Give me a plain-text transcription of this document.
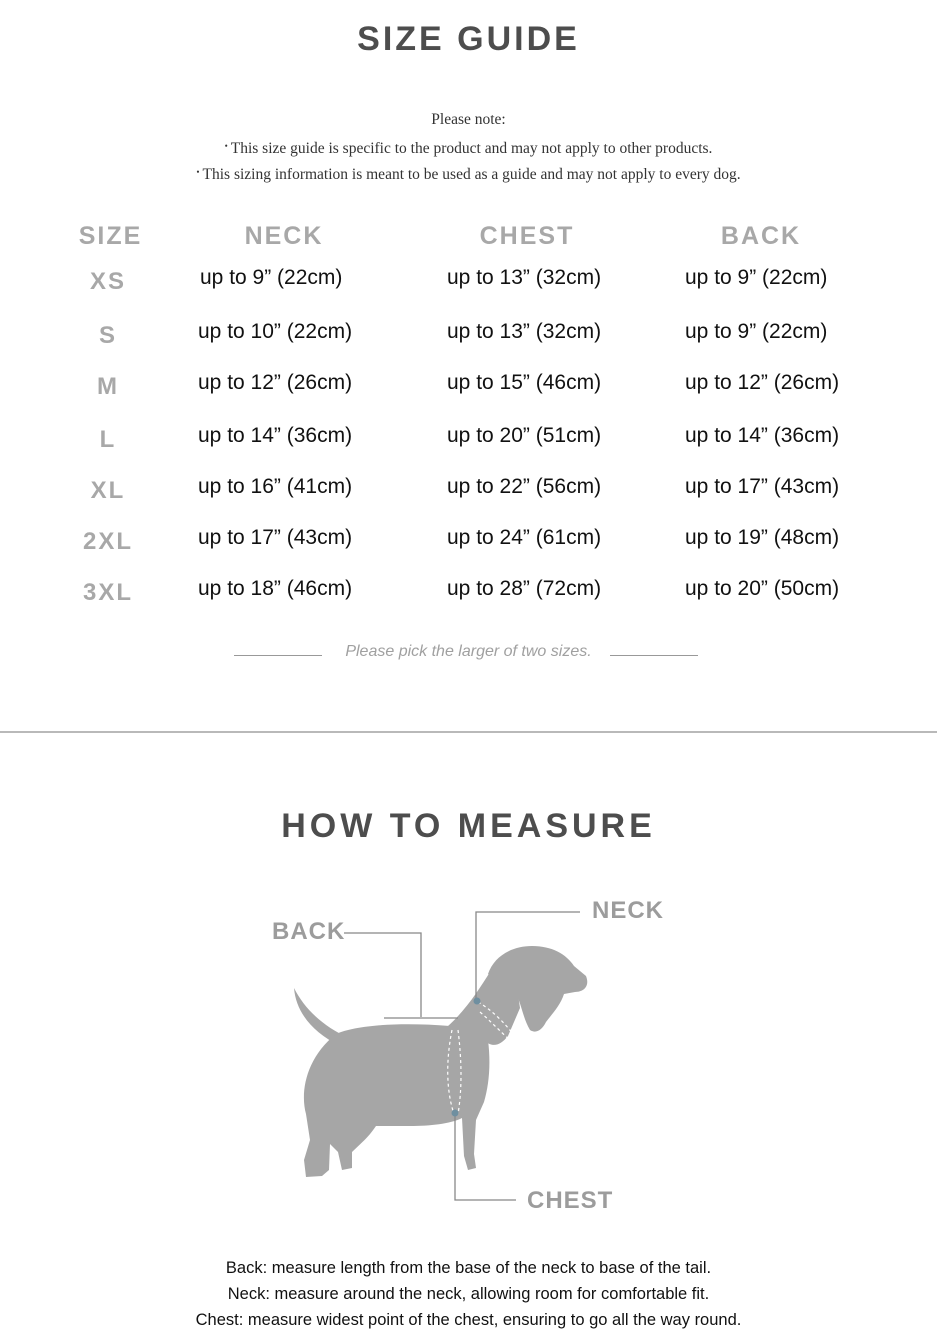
SIZE GUIDE
Please note:
• This size guide is specific to the product and may not apply to other products.
• This sizing information is meant to be used as a guide and may not apply to every dog.
SIZE	NECK	CHEST	BACK
XS	up to 9” (22cm)	up to 13” (32cm)	up to 9” (22cm)
S	up to 10” (22cm)	up to 13” (32cm)	up to 9” (22cm)
M	up to 12” (26cm)	up to 15” (46cm)	up to 12” (26cm)
L	up to 14” (36cm)	up to 20” (51cm)	up to 14” (36cm)
XL	up to 16” (41cm)	up to 22” (56cm)	up to 17” (43cm)
2XL	up to 17” (43cm)	up to 24” (61cm)	up to 19” (48cm)
3XL	up to 18” (46cm)	up to 28” (72cm)	up to 20” (50cm)
Please pick the larger of two sizes.
HOW TO MEASURE
BACK
NECK
CHEST
Back: measure length from the base of the neck to base of the tail.
Neck: measure around the neck, allowing room for comfortable fit.
Chest: measure widest point of the chest, ensuring to go all the way round.
